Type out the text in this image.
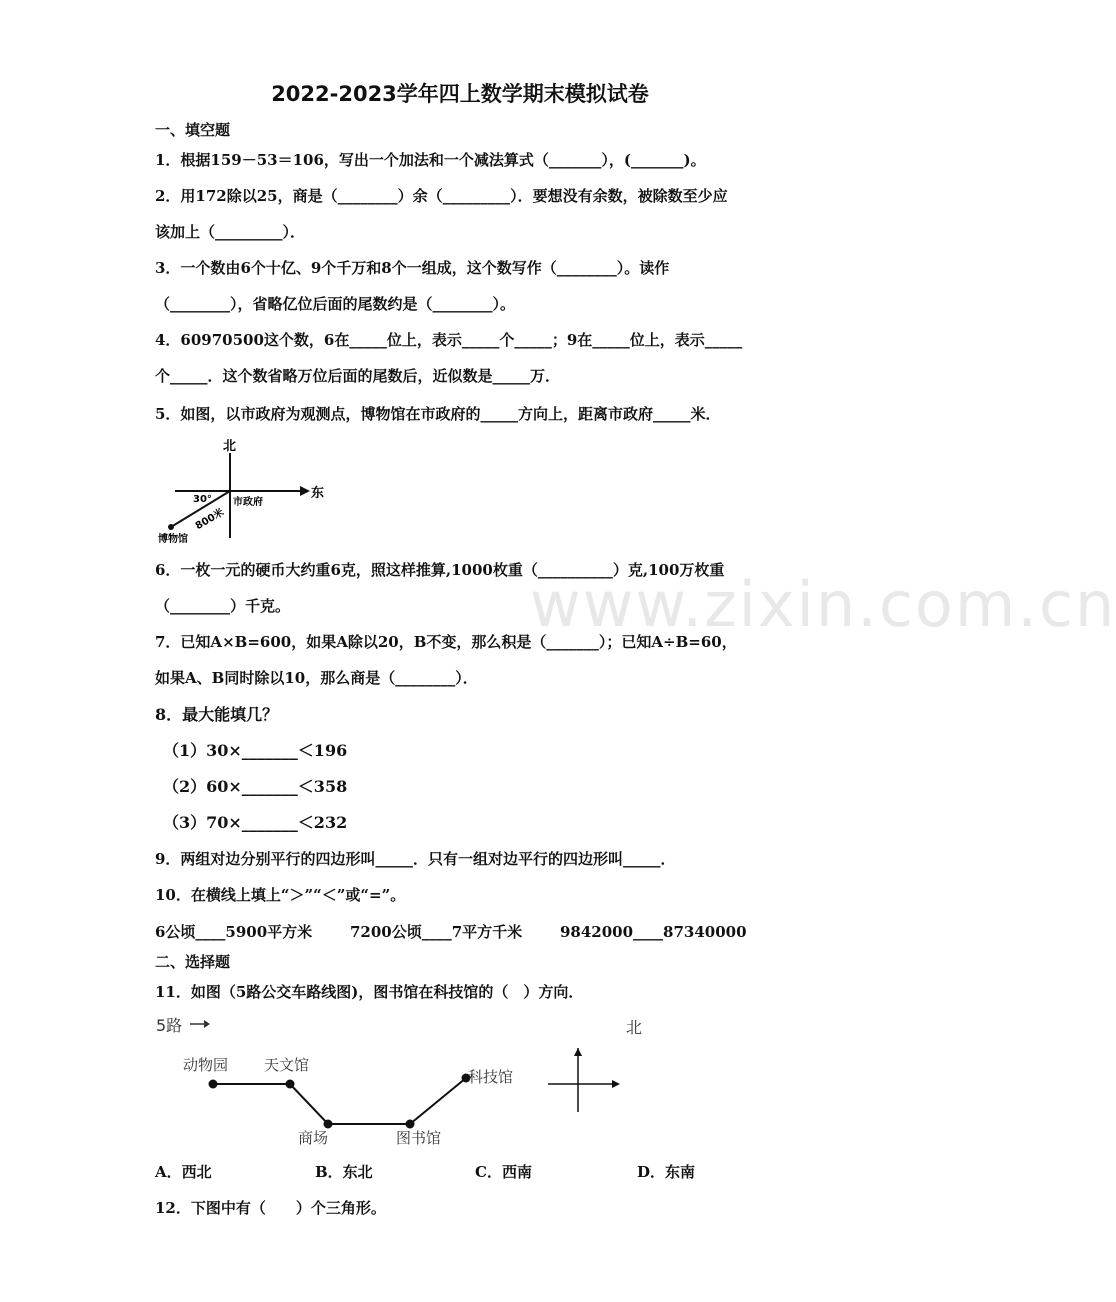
www.zixin.com.cn
2022-2023学年四上数学期末模拟试卷
一、填空题
1．根据159－53＝106，写出一个加法和一个减法算式（_______），(_______)。
2．用172除以25，商是（________）余（_________）．要想没有余数，被除数至少应
该加上（_________）．
3．一个数由6个十亿、9个千万和8个一组成，这个数写作（________）。读作
（________），省略亿位后面的尾数约是（________）。
4．60970500这个数，6在_____位上，表示_____个_____；9在_____位上，表示_____
个_____．这个数省略万位后面的尾数后，近似数是_____万．
5．如图，以市政府为观测点，博物馆在市政府的_____方向上，距离市政府_____米．
北
东
30°
800米
市政府
博物馆
6．一枚一元的硬币大约重6克，照这样推算,1000枚重（__________）克,100万枚重
（________）千克。
7．已知A×B=600，如果A除以20，B不变，那么积是（_______）；已知A÷B=60，
如果A、B同时除以10，那么商是（________）．
8．最大能填几？
（1）30×_______＜196
（2）60×_______＜358
（3）70×_______＜232
9．两组对边分别平行的四边形叫_____．只有一组对边平行的四边形叫_____．
10．在横线上填上“＞”“＜”或“=”。
6公顷____5900平方米	7200公顷____7平方千米	9842000____87340000
二、选择题
11．如图（5路公交车路线图)，图书馆在科技馆的（　）方向．
5路
动物园 天文馆
商场	图书馆
科技馆
北
A．西北	B．东北	C．西南	D．东南
12．下图中有（　　）个三角形。
